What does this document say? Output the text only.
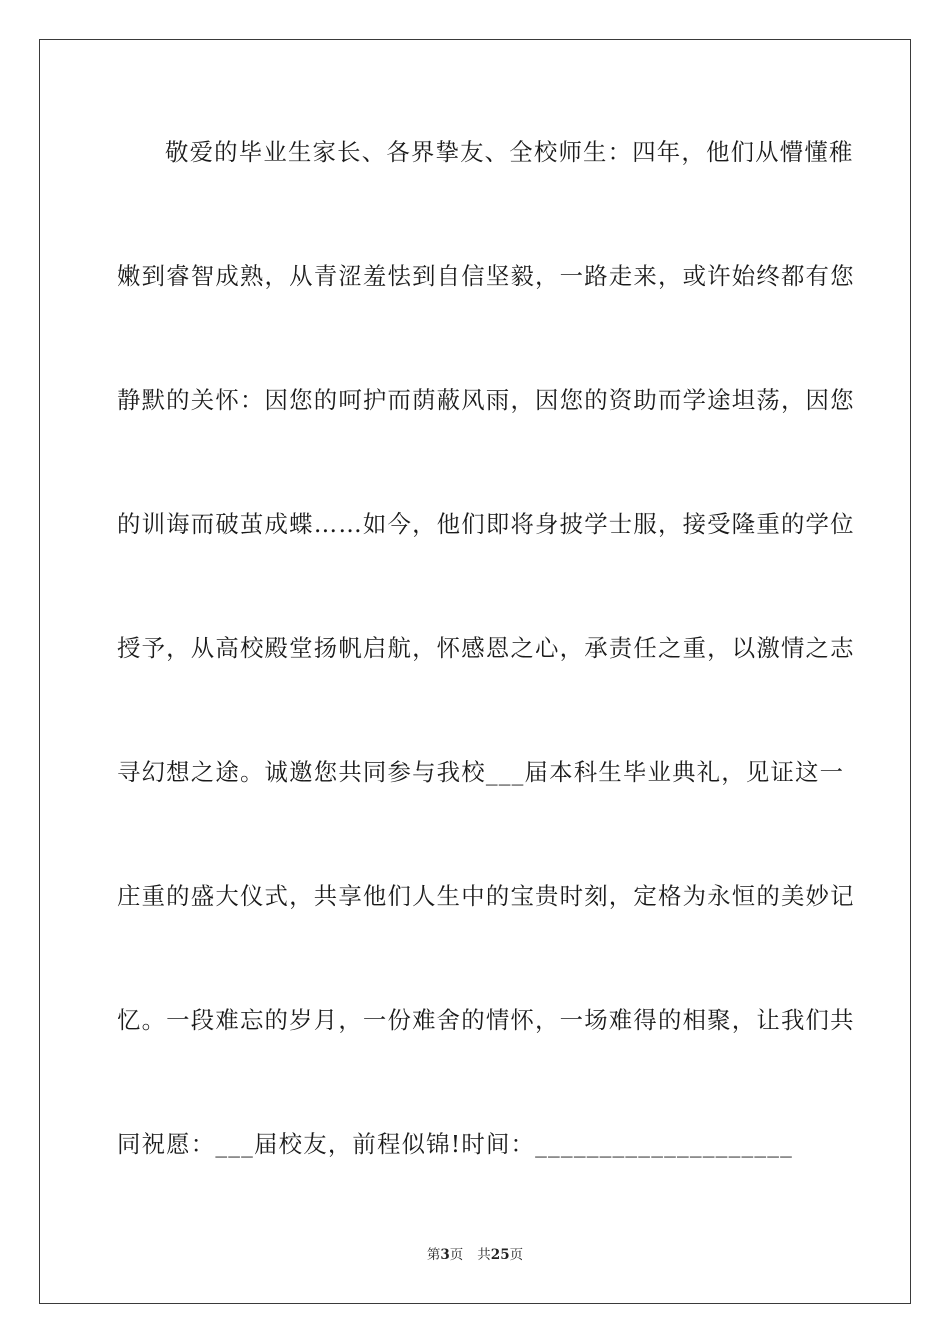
敬爱的毕业生家长、各界挚友、全校师生：四年，他们从懵懂稚
嫩到睿智成熟，从青涩羞怯到自信坚毅，一路走来，或许始终都有您
静默的关怀：因您的呵护而荫蔽风雨，因您的资助而学途坦荡，因您
的训诲而破茧成蝶……如今，他们即将身披学士服，接受隆重的学位
授予，从高校殿堂扬帆启航，怀感恩之心，承责任之重，以激情之志
寻幻想之途。诚邀您共同参与我校___届本科生毕业典礼，见证这一
庄重的盛大仪式，共享他们人生中的宝贵时刻，定格为永恒的美妙记
忆。一段难忘的岁月，一份难舍的情怀，一场难得的相聚，让我们共
同祝愿：___届校友，前程似锦!时间：____________________
第3页 共25页
